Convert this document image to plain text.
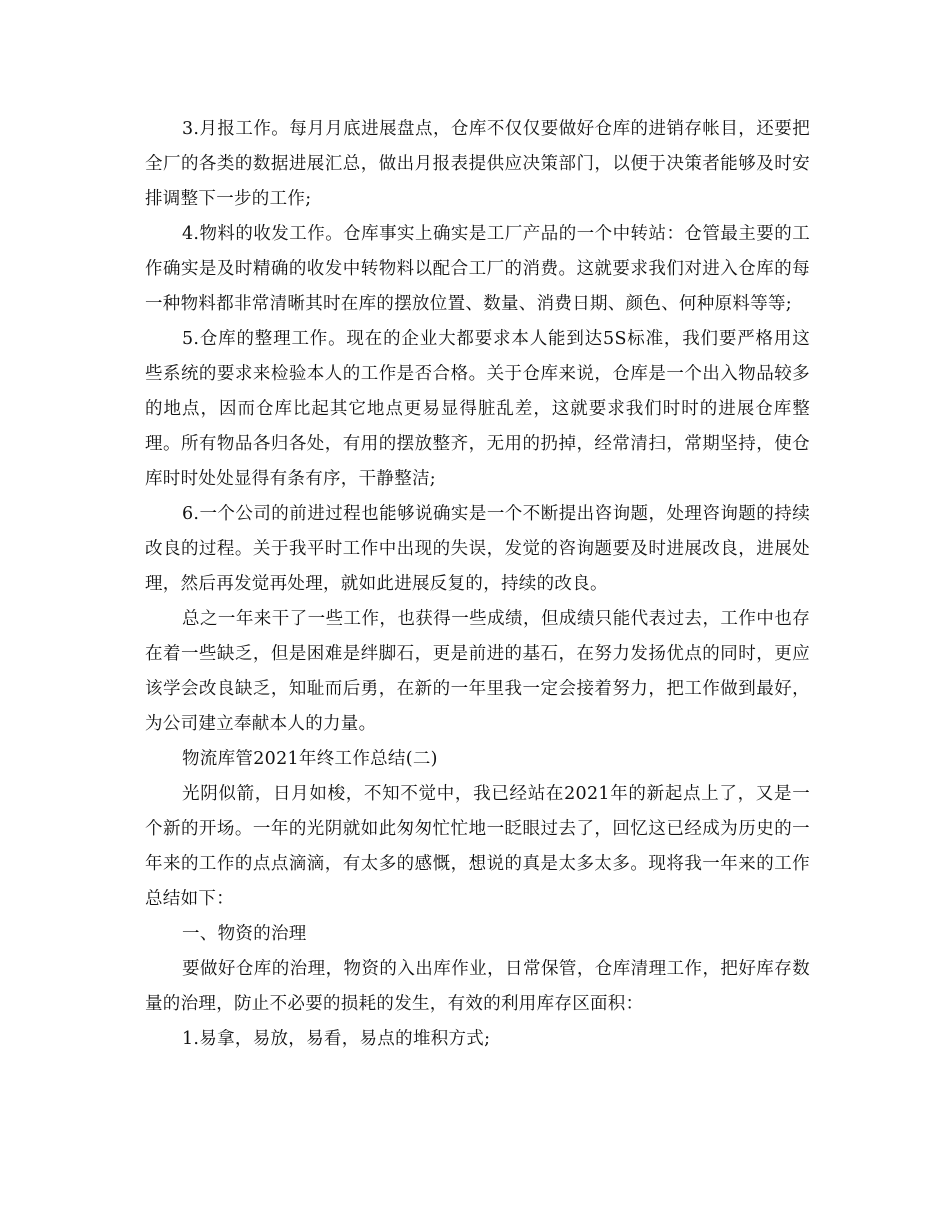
3.月报工作。每月月底进展盘点，仓库不仅仅要做好仓库的进销存帐目，还要把全厂的各类的数据进展汇总，做出月报表提供应决策部门，以便于决策者能够及时安排调整下一步的工作;

4.物料的收发工作。仓库事实上确实是工厂产品的一个中转站：仓管最主要的工作确实是及时精确的收发中转物料以配合工厂的消费。这就要求我们对进入仓库的每一种物料都非常清晰其时在库的摆放位置、数量、消费日期、颜色、何种原料等等;

5.仓库的整理工作。现在的企业大都要求本人能到达5S标准，我们要严格用这些系统的要求来检验本人的工作是否合格。关于仓库来说，仓库是一个出入物品较多的地点，因而仓库比起其它地点更易显得脏乱差，这就要求我们时时的进展仓库整理。所有物品各归各处，有用的摆放整齐，无用的扔掉，经常清扫，常期坚持，使仓库时时处处显得有条有序，干静整洁;

6.一个公司的前进过程也能够说确实是一个不断提出咨询题，处理咨询题的持续改良的过程。关于我平时工作中出现的失误，发觉的咨询题要及时进展改良，进展处理，然后再发觉再处理，就如此进展反复的，持续的改良。

总之一年来干了一些工作，也获得一些成绩，但成绩只能代表过去，工作中也存在着一些缺乏，但是困难是绊脚石，更是前进的基石，在努力发扬优点的同时，更应该学会改良缺乏，知耻而后勇，在新的一年里我一定会接着努力，把工作做到最好，为公司建立奉献本人的力量。

物流库管2021年终工作总结(二)

光阴似箭，日月如梭，不知不觉中，我已经站在2021年的新起点上了，又是一个新的开场。一年的光阴就如此匆匆忙忙地一眨眼过去了，回忆这已经成为历史的一年来的工作的点点滴滴，有太多的感慨，想说的真是太多太多。现将我一年来的工作总结如下：

一、物资的治理

要做好仓库的治理，物资的入出库作业，日常保管，仓库清理工作，把好库存数量的治理，防止不必要的损耗的发生，有效的利用库存区面积：

1.易拿，易放，易看，易点的堆积方式;
